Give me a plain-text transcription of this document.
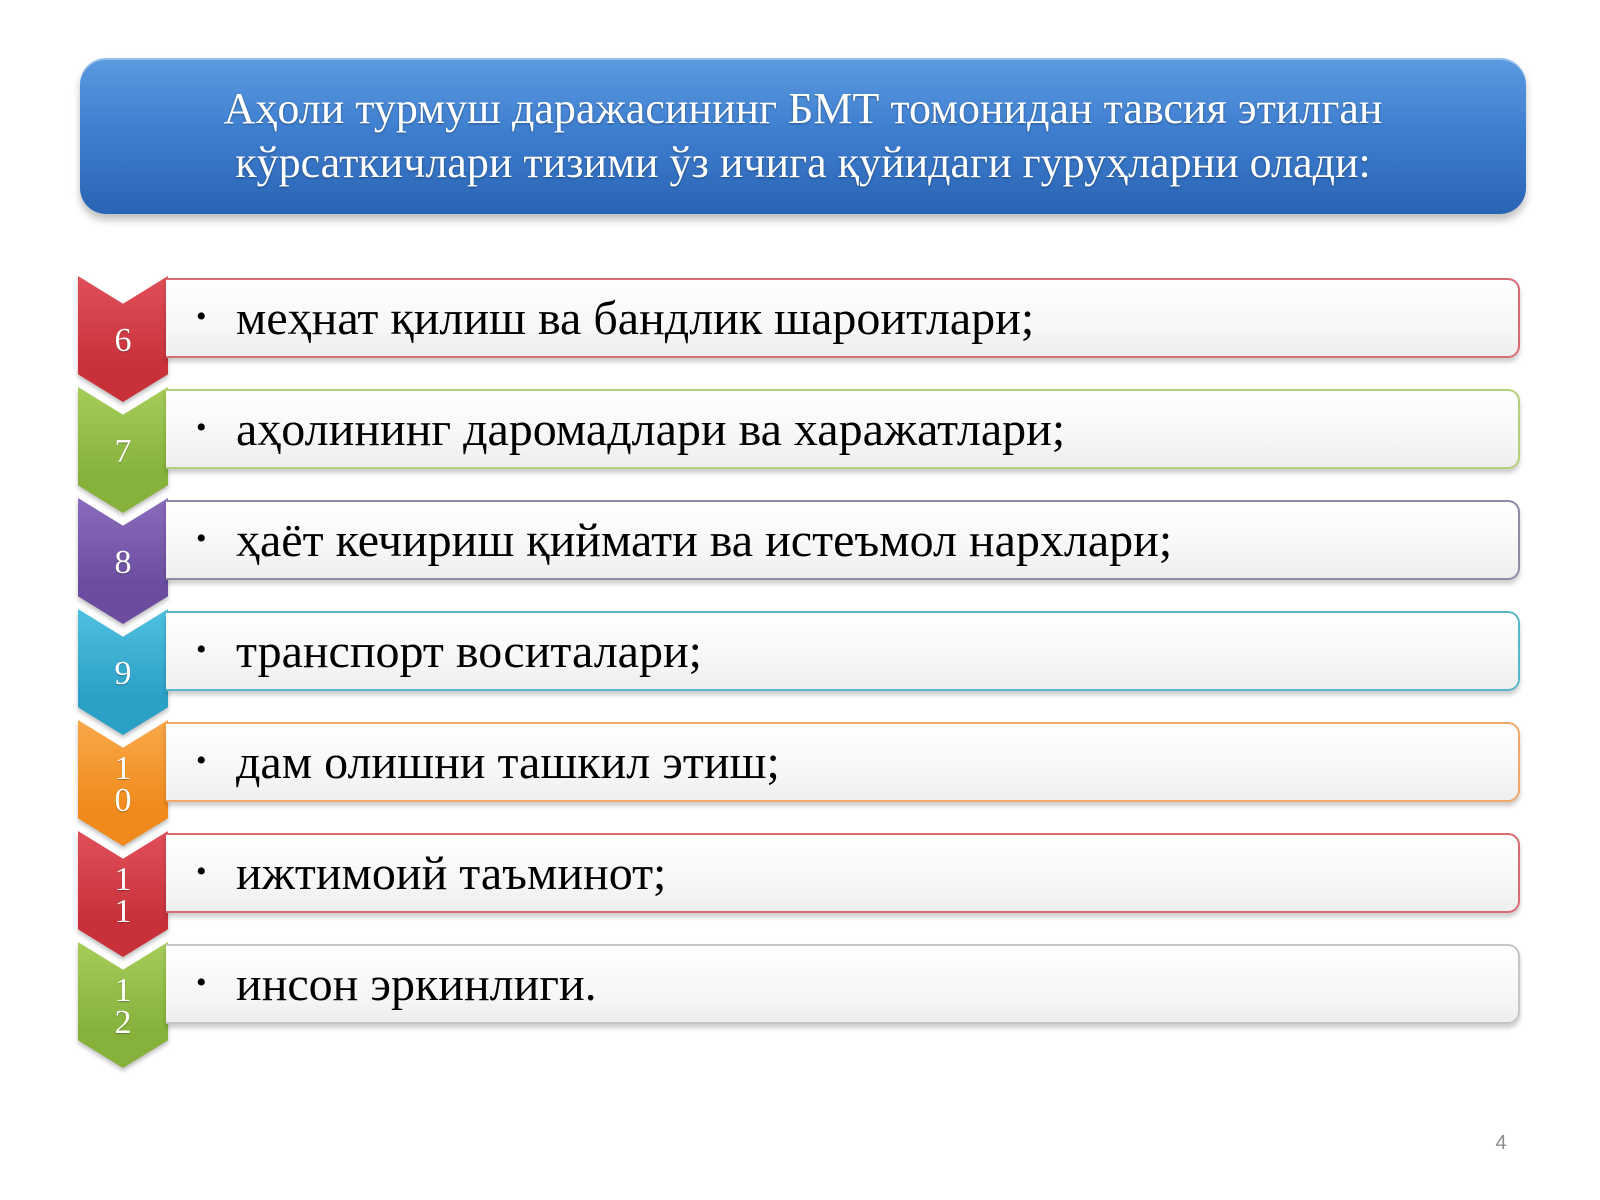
Аҳоли турмуш даражасининг БМТ томонидан тавсия этилган кўрсаткичлари тизими ўз ичига қуйидаги гуруҳларни олади:
6
• меҳнат қилиш ва бандлик шароитлари;
7
• аҳолининг даромадлари ва харажатлари;
8
• ҳаёт кечириш қиймати ва истеъмол нархлари;
9
• транспорт воситалари;
1
0
• дам олишни ташкил этиш;
1
1
• ижтимоий таъминот;
1
2
• инсон эркинлиги.
4
